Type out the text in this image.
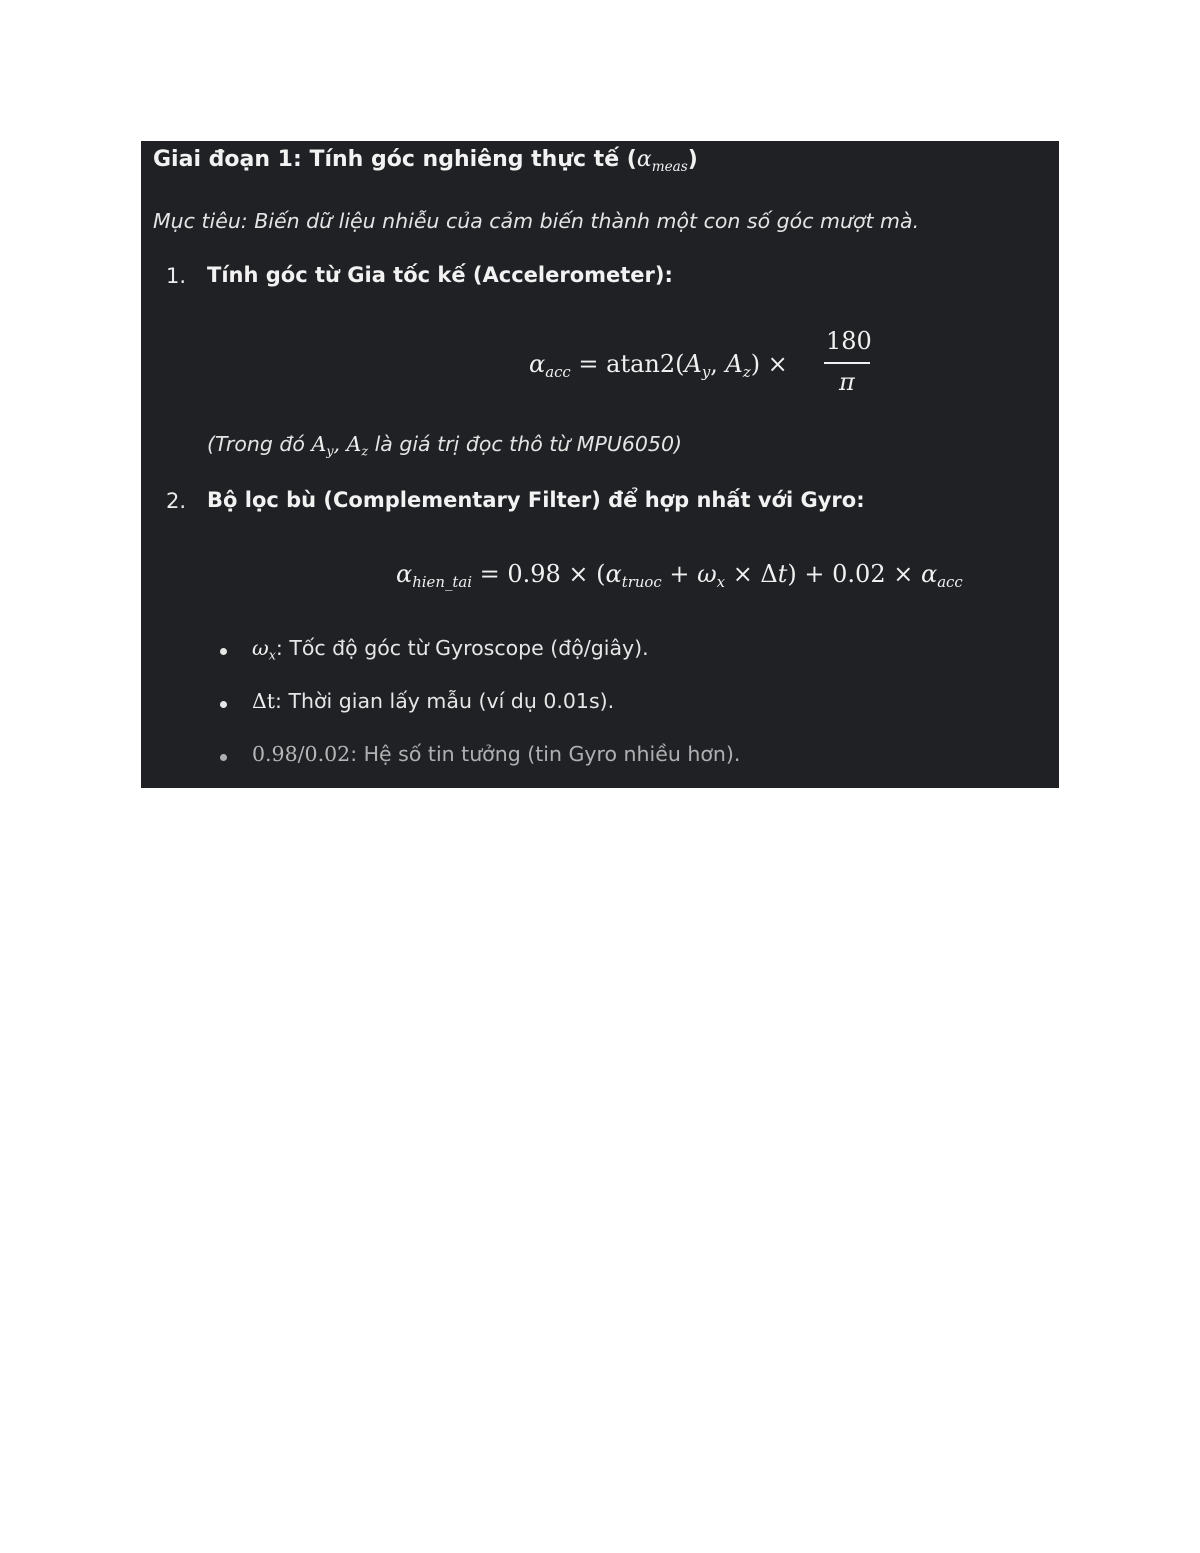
Giai đoạn 1: Tính góc nghiêng thực tế $(\alpha_{meas})$
Mục tiêu: Biến dữ liệu nhiễu của cảm biến thành một con số góc mượt mà.
1. Tính góc từ Gia tốc kế (Accelerometer):
$\alpha_{acc} = atan2(A_y$, $A_z$) ×
180
π
(Trong đó $A_y$, $A_z$ là giá trị đọc thô từ MPU6050)
2. Bộ lọc bù (Complementary Filter) để hợp nhất với Gyro:
$\alpha_{hien\_tai} = 0.98 \times (\alpha_{truoc} + \omega_x \times \Delta t) + 0.02 \times \alpha_{acc}$
$\omega_x$: Tốc độ góc từ Gyroscope (độ/giây).
Δt: Thời gian lấy mẫu (ví dụ 0.01s).
0.98/0.02: Hệ số tin tưởng (tin Gyro nhiều hơn).
